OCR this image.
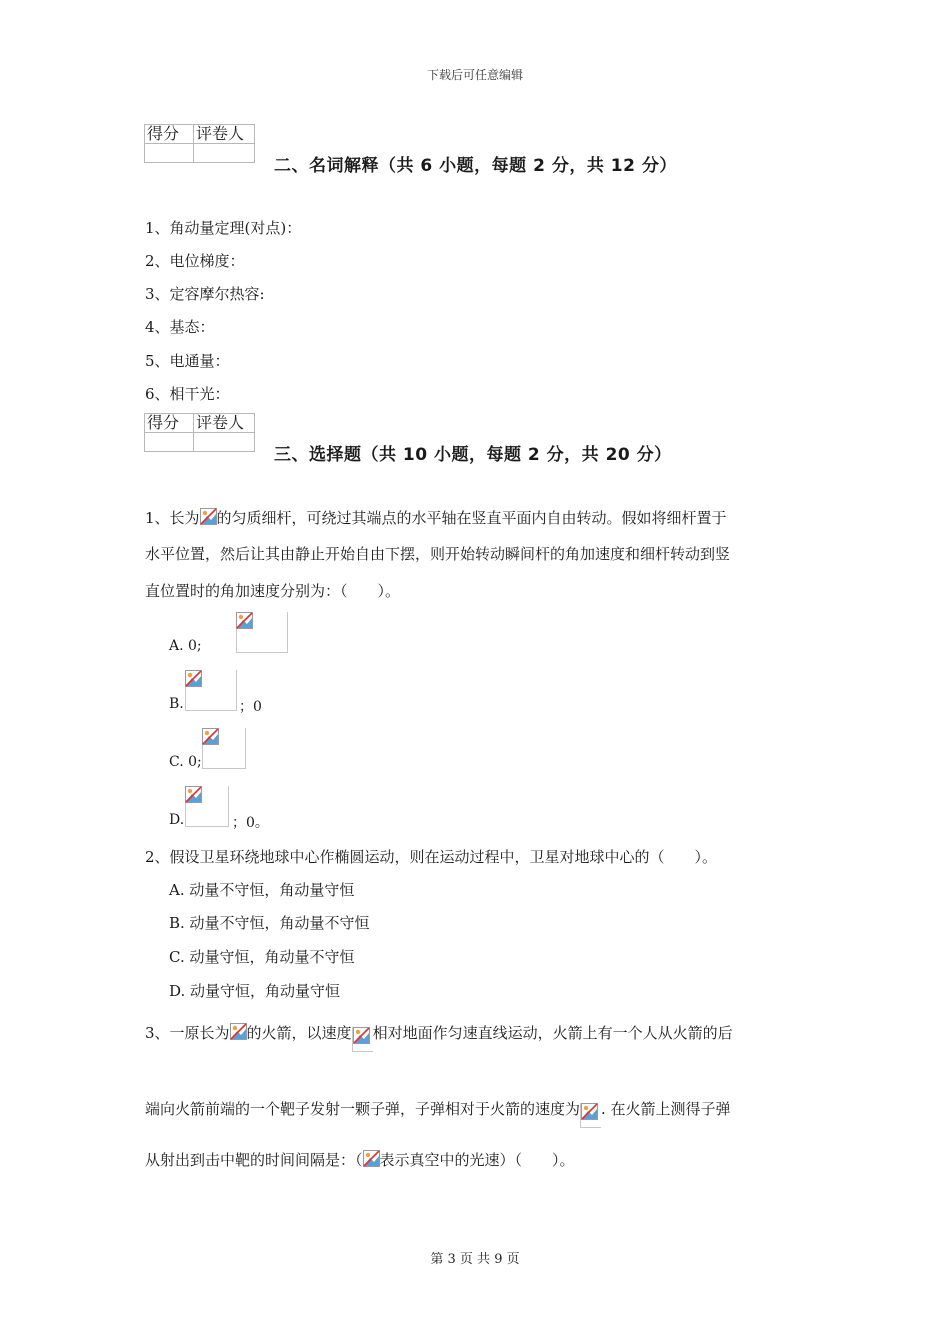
下载后可任意编辑
得分	评卷人

二、名词解释（共 6 小题，每题 2 分，共 12 分）
1、角动量定理(对点)：
2、电位梯度：
3、定容摩尔热容:
4、基态：
5、电通量：
6、相干光：
得分	评卷人

三、选择题（共 10 小题，每题 2 分，共 20 分）
1、长为 的匀质细杆，可绕过其端点的水平轴在竖直平面内自由转动。假如将细杆置于
水平位置，然后让其由静止开始自由下摆，则开始转动瞬间杆的角加速度和细杆转动到竖
直位置时的角加速度分别为：（　　）。
A. 0;
B.	；0
C. 0;
D.	；0。
2、假设卫星环绕地球中心作椭圆运动，则在运动过程中，卫星对地球中心的（　　）。
A. 动量不守恒，角动量守恒
B. 动量不守恒，角动量不守恒
C. 动量守恒，角动量不守恒
D. 动量守恒，角动量守恒
3、一原长为 的火箭，以速度 相对地面作匀速直线运动，火箭上有一个人从火箭的后
端向火箭前端的一个靶子发射一颗子弹，子弹相对于火箭的速度为 . 在火箭上测得子弹
从射出到击中靶的时间间隔是：（ 表示真空中的光速）（　　）。
第 3 页 共 9 页
